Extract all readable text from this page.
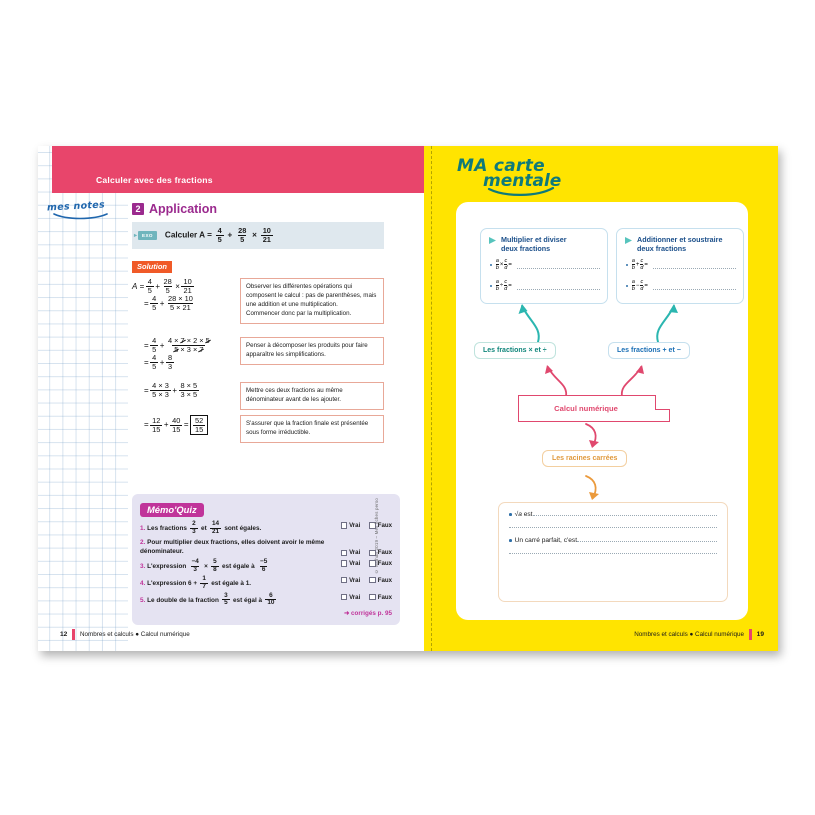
Calculer avec des fractions
mes notes	2 Application
▸ EXO	Calculer $A = \frac{4}{5} + \frac{28}{5} \times \frac{10}{21}$
Solution
$A = \frac{4}{5} + \frac{28}{5} \times \frac{10}{21}$
= $\frac{4}{5} + \frac{28 \times 10}{5 \times 21}$
Observer les différentes opérations qui composent le calcul : pas de parenthèses, mais une addition et une multiplication.
Commencer donc par la multiplication.
= $\frac{4}{5} + \frac{4 \times 7 \times 2 \times 5}{5 \times 3 \times 7}$
= $\frac{4}{5} + \frac{8}{3}$
Penser à décomposer les produits pour faire apparaître les simplifications.
= $\frac{4 \times 3}{5 \times 3} + \frac{8 \times 5}{3 \times 5}$	Mettre ces deux fractions au même dénominateur avant de les ajouter.
= $\frac{12}{15} + \frac{40}{15} = \frac{52}{15}$	S'assurer que la fraction finale est présentée sous forme irréductible.
Mémo'Quiz
1. Les fractions $\frac{2}{3}$ et $\frac{14}{21}$ sont égales.	Vrai	Faux
2. Pour multiplier deux fractions, elles doivent avoir le même dénominateur.	Vrai	Faux
3. L'expression $\frac{-4}{3} \times \frac{5}{8}$ est égale à $\frac{-5}{6}$	Vrai	Faux
4. L'expression $6 + \frac{1}{7}$ est égale à 1.	Vrai	Faux
5. Le double de la fraction $\frac{3}{5}$ est égal à $\frac{6}{10}$	Vrai	Faux
➜ corrigés p. 95
© Nathan 2019 – Mes fiches perso
12 Nombres et calculs ● Calcul numérique
MA carte
mentale
Multiplier et diviser
deux fractions
$\frac{a}{b} \times \frac{c}{d}$ =
$\frac{a}{b} \div \frac{c}{d}$ =
Additionner et soustraire
deux fractions
$\frac{a}{b} + \frac{c}{d}$ =
$\frac{a}{b} - \frac{c}{d}$ =
Les fractions × et ÷	Les fractions + et −
Calcul numérique
Les racines carrées
√a est
Un carré parfait, c'est
Nombres et calculs ● Calcul numérique 19
